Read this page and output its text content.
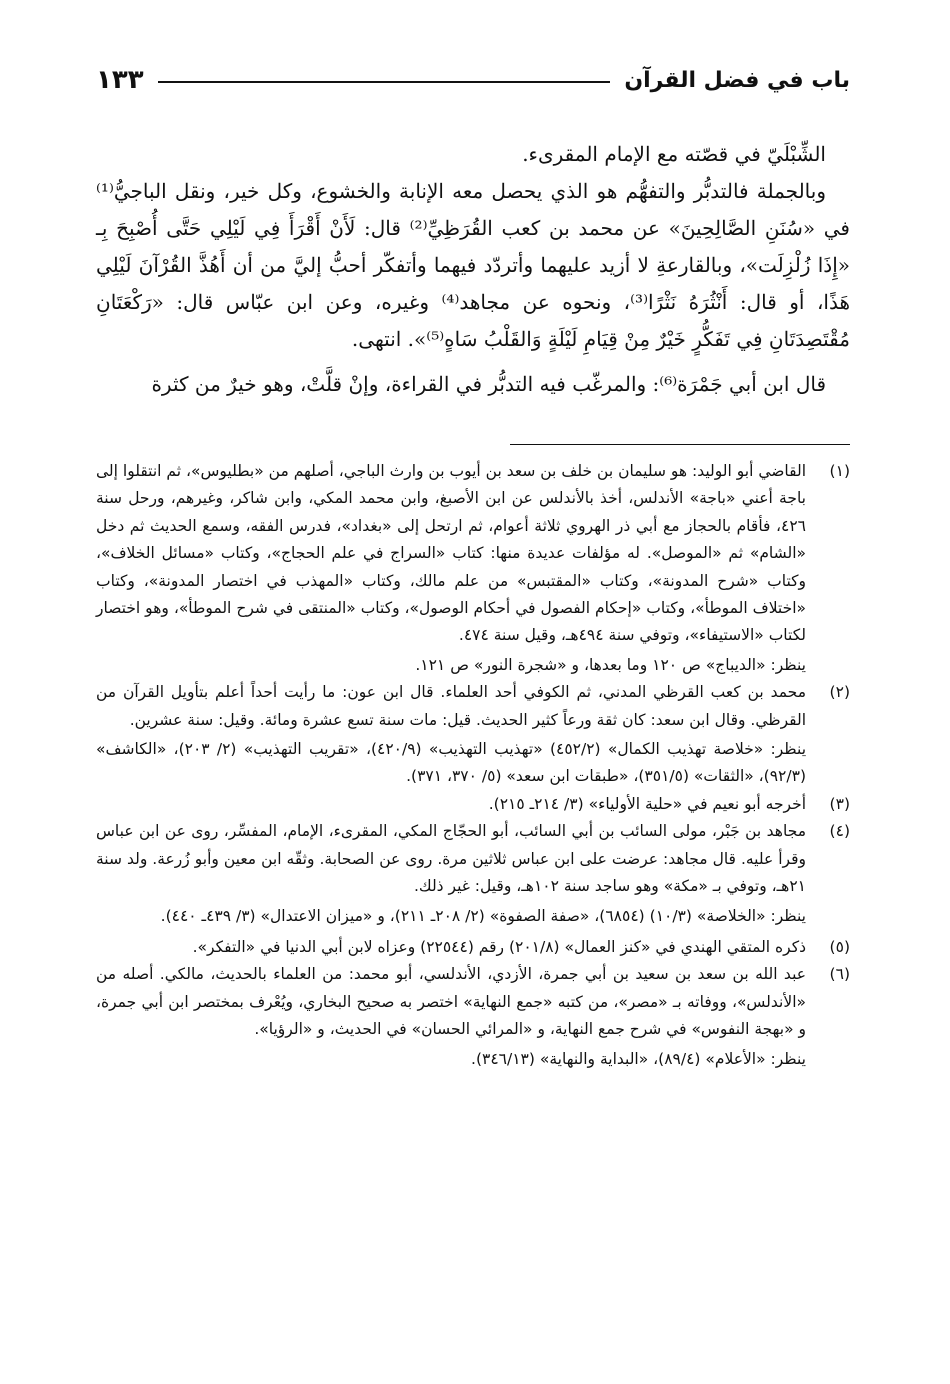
باب في فضل القرآن
١٣٣

الشِّبْلَيّ في قصّته مع الإمام المقرىء.

وبالجملة فالتدبُّر والتفهُّم هو الذي يحصل معه الإنابة والخشوع، وكل خير، ونقل الباجيُّ⁽¹⁾ في «سُنَنِ الصَّالِحِينَ» عن محمد بن كعب القُرَظِيِّ⁽²⁾ قال: لَأَنْ أَقْرَأَ فِي لَيْلِي حَتَّى أُصْبِحَ بِـ «إِذَا زُلْزِلَت»، وبالقارعةِ لا أزيد عليهما وأتردّد فيهما وأتفكّر أحبُّ إليَّ من أن أَهُذَّ القُرْآنَ لَيْلِي هَذًا، أو قال: أَنْثُرَهُ نَثْرًا⁽³⁾، ونحوه عن مجاهد⁽⁴⁾ وغيره، وعن ابن عبّاس قال: «رَكْعَتَانِ مُقْتَصِدَتَانِ فِي تَفَكُّرٍ خَيْرٌ مِنْ قِيَامِ لَيْلَةٍ وَالقَلْبُ سَاهٍ⁽⁵⁾». انتهى.

قال ابن أبي جَمْرَة⁽⁶⁾: والمرغّب فيه التدبُّر في القراءة، وإنْ قلَّتْ، وهو خيرٌ من كثرة

(١)

القاضي أبو الوليد: هو سليمان بن خلف بن سعد بن أيوب بن وارث الباجي، أصلهم من «بطليوس»، ثم انتقلوا إلى باجة أعني «باجة» الأندلس، أخذ بالأندلس عن ابن الأصبغ، وابن محمد المكي، وابن شاكر، وغيرهم، ورحل سنة ٤٢٦، فأقام بالحجاز مع أبي ذر الهروي ثلاثة أعوام، ثم ارتحل إلى «بغداد»، فدرس الفقه، وسمع الحديث ثم دخل «الشام» ثم «الموصل». له مؤلفات عديدة منها: كتاب «السراج في علم الحجاج»، وكتاب «مسائل الخلاف»، وكتاب «شرح المدونة»، وكتاب «المقتبس» من علم مالك، وكتاب «المهذب في اختصار المدونة»، وكتاب «اختلاف الموطأ»، وكتاب «إحكام الفصول في أحكام الوصول»، وكتاب «المنتقى في شرح الموطأ»، وهو اختصار لكتاب «الاستيفاء»، وتوفي سنة ٤٩٤هـ، وقيل سنة ٤٧٤.

ينظر: «الديباج» ص ١٢٠ وما بعدها، و «شجرة النور» ص ١٢١.

(٢)

محمد بن كعب القرظي المدني، ثم الكوفي أحد العلماء. قال ابن عون: ما رأيت أحداً أعلم بتأويل القرآن من القرظي. وقال ابن سعد: كان ثقة ورعاً كثير الحديث. قيل: مات سنة تسع عشرة ومائة. وقيل: سنة عشرين.

ينظر: «خلاصة تهذيب الكمال» (٤٥٢/٢) «تهذيب التهذيب» (٤٢٠/٩)، «تقريب التهذيب» (٢/ ٢٠٣)، «الكاشف» (٩٢/٣)، «الثقات» (٣٥١/٥)، «طبقات ابن سعد» (٥/ ٣٧٠، ٣٧١).

(٣)

أخرجه أبو نعيم في «حلية الأولياء» (٣/ ٢١٤ـ ٢١٥).

(٤)

مجاهد بن جَبْر، مولى السائب بن أبي السائب، أبو الحجّاج المكي، المقرىء، الإمام، المفسِّر، روى عن ابن عباس وقرأ عليه. قال مجاهد: عرضت على ابن عباس ثلاثين مرة. روى عن الصحابة. وثقّه ابن معين وأبو زُرعة. ولد سنة ٢١هـ، وتوفي بـ «مكة» وهو ساجد سنة ١٠٢هـ، وقيل: غير ذلك.

ينظر: «الخلاصة» (١٠/٣) (٦٨٥٤)، «صفة الصفوة» (٢/ ٢٠٨ـ ٢١١)، و «ميزان الاعتدال» (٣/ ٤٣٩ـ ٤٤٠).

(٥)

ذكره المتقي الهندي في «كنز العمال» (٢٠١/٨) رقم (٢٢٥٤٤) وعزاه لابن أبي الدنيا في «التفكر».

(٦)

عبد الله بن سعد بن سعيد بن أبي جمرة، الأزدي، الأندلسي، أبو محمد: من العلماء بالحديث، مالكي. أصله من «الأندلس»، ووفاته بـ «مصر»، من كتبه «جمع النهاية» اختصر به صحيح البخاري، ويُعْرف بمختصر ابن أبي جمرة، و «بهجة النفوس» في شرح جمع النهاية، و «المرائي الحسان» في الحديث، و «الرؤيا».

ينظر: «الأعلام» (٨٩/٤)، «البداية والنهاية» (٣٤٦/١٣).
